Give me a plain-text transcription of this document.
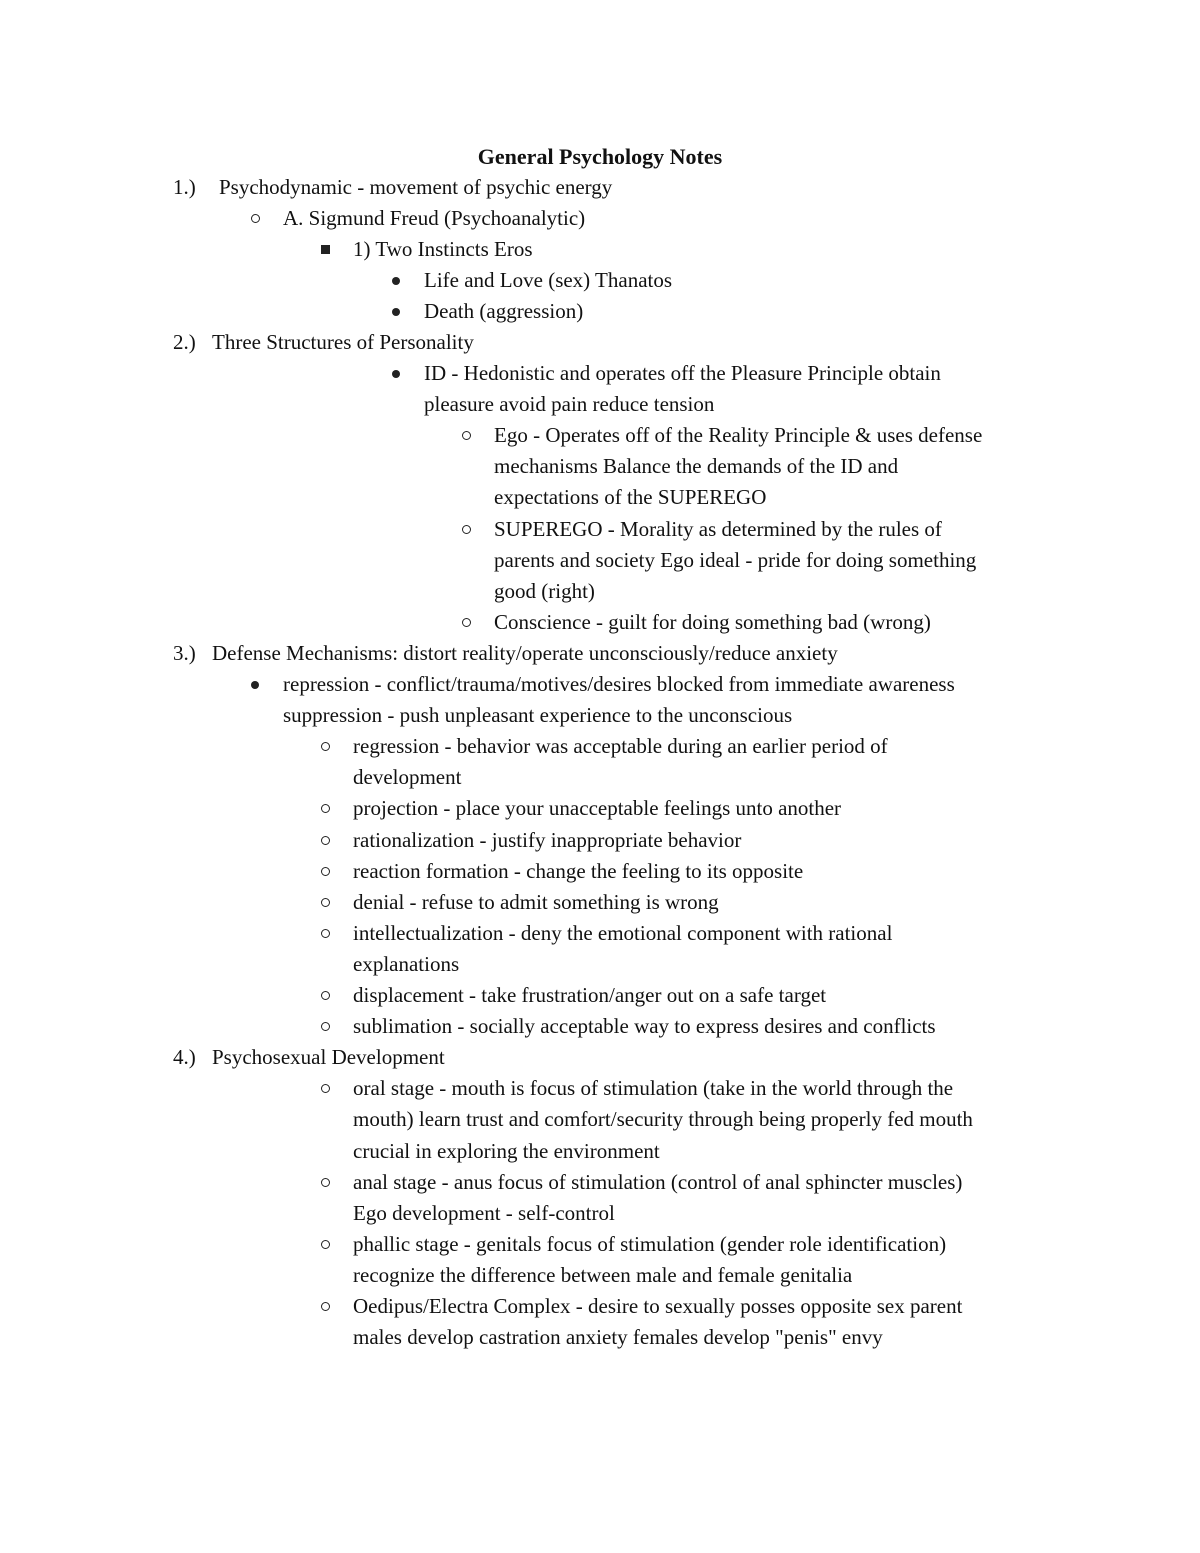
General Psychology Notes
1.) Psychodynamic - movement of psychic energy
A. Sigmund Freud (Psychoanalytic)
1) Two Instincts Eros
Life and Love (sex) Thanatos
Death (aggression)
2.) Three Structures of Personality
ID - Hedonistic and operates off the Pleasure Principle obtain
pleasure avoid pain reduce tension
Ego - Operates off of the Reality Principle & uses defense
mechanisms Balance the demands of the ID and
expectations of the SUPEREGO
SUPEREGO - Morality as determined by the rules of
parents and society Ego ideal - pride for doing something
good (right)
Conscience - guilt for doing something bad (wrong)
3.) Defense Mechanisms: distort reality/operate unconsciously/reduce anxiety
repression - conflict/trauma/motives/desires blocked from immediate awareness
suppression - push unpleasant experience to the unconscious
regression - behavior was acceptable during an earlier period of
development
projection - place your unacceptable feelings unto another
rationalization - justify inappropriate behavior
reaction formation - change the feeling to its opposite
denial - refuse to admit something is wrong
intellectualization - deny the emotional component with rational
explanations
displacement - take frustration/anger out on a safe target
sublimation - socially acceptable way to express desires and conflicts
4.) Psychosexual Development
oral stage - mouth is focus of stimulation (take in the world through the
mouth) learn trust and comfort/security through being properly fed mouth
crucial in exploring the environment
anal stage - anus focus of stimulation (control of anal sphincter muscles)
Ego development - self-control
phallic stage - genitals focus of stimulation (gender role identification)
recognize the difference between male and female genitalia
Oedipus/Electra Complex - desire to sexually posses opposite sex parent
males develop castration anxiety females develop "penis" envy
